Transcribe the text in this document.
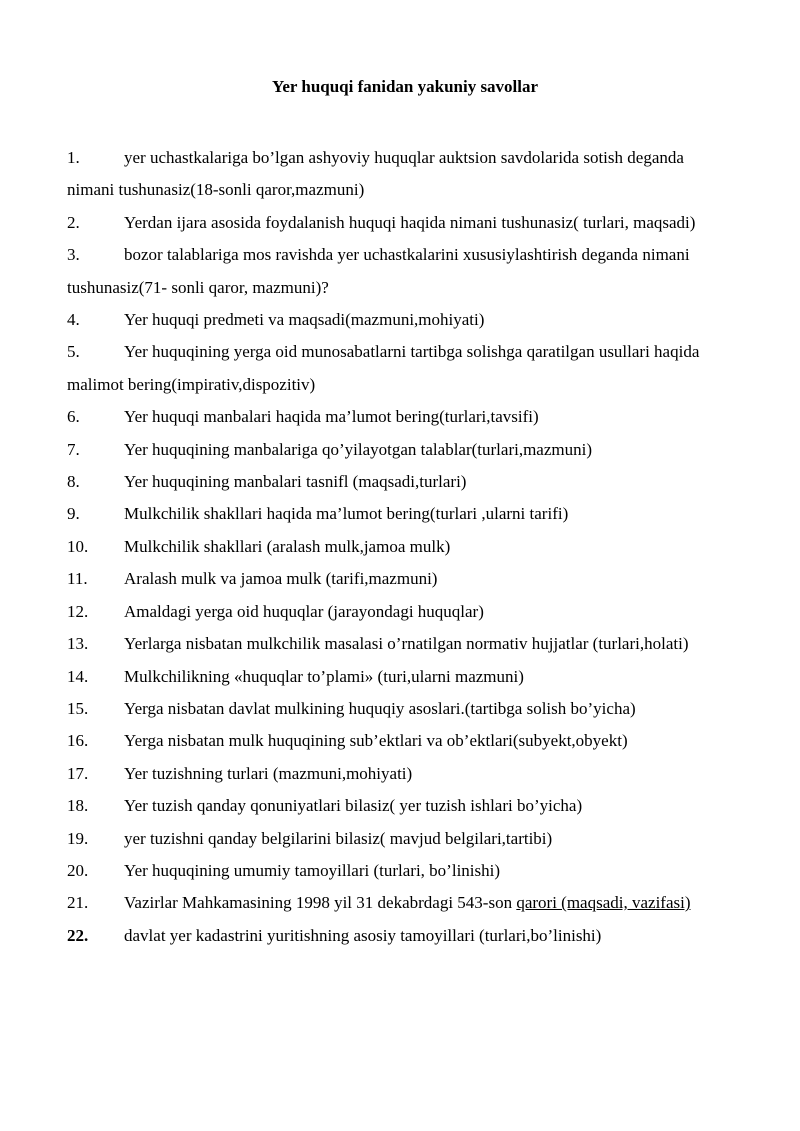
Yer huquqi fanidan yakuniy savollar
1.	yer uchastkalariga bo’lgan ashyoviy huquqlar auktsion savdolarida sotish deganda nimani tushunasiz(18-sonli qaror,mazmuni)
2.	Yerdan ijara asosida foydalanish huquqi haqida nimani tushunasiz( turlari, maqsadi)
3.	bozor talablariga mos ravishda yer uchastkalarini xususiylashtirish deganda nimani tushunasiz(71- sonli qaror, mazmuni)?
4.	Yer huquqi predmeti va maqsadi(mazmuni,mohiyati)
5.	Yer huquqining yerga oid munosabatlarni tartibga solishga qaratilgan usullari haqida malimot bering(impirativ,dispozitiv)
6.	Yer huquqi manbalari haqida ma’lumot bering(turlari,tavsifi)
7.	Yer huquqining manbalariga qo’yilayotgan talablar(turlari,mazmuni)
8.	Yer huquqining manbalari tasnifl (maqsadi,turlari)
9.	Mulkchilik shakllari haqida ma’lumot bering(turlari ,ularni tarifi)
10. Mulkchilik shakllari (aralash mulk,jamoa mulk)
11. Aralash mulk va jamoa mulk (tarifi,mazmuni)
12. Amaldagi yerga oid huquqlar (jarayondagi huquqlar)
13. Yerlarga nisbatan mulkchilik masalasi o’rnatilgan normativ hujjatlar (turlari,holati)
14. Mulkchilikning «huquqlar to’plami» (turi,ularni mazmuni)
15. Yerga nisbatan davlat mulkining huquqiy asoslari.(tartibga solish bo’yicha)
16. Yerga nisbatan mulk huquqining sub’ektlari va ob’ektlari(subyekt,obyekt)
17. Yer tuzishning turlari (mazmuni,mohiyati)
18. Yer tuzish qanday qonuniyatlari bilasiz( yer tuzish ishlari bo’yicha)
19. yer tuzishni qanday belgilarini bilasiz( mavjud belgilari,tartibi)
20. Yer huquqining umumiy tamoyillari (turlari, bo’linishi)
21. Vazirlar Mahkamasining 1998 yil 31 dekabrdagi 543-son qarori (maqsadi, vazifasi)
22. davlat yer kadastrini yuritishning asosiy tamoyillari (turlari,bo’linishi)
